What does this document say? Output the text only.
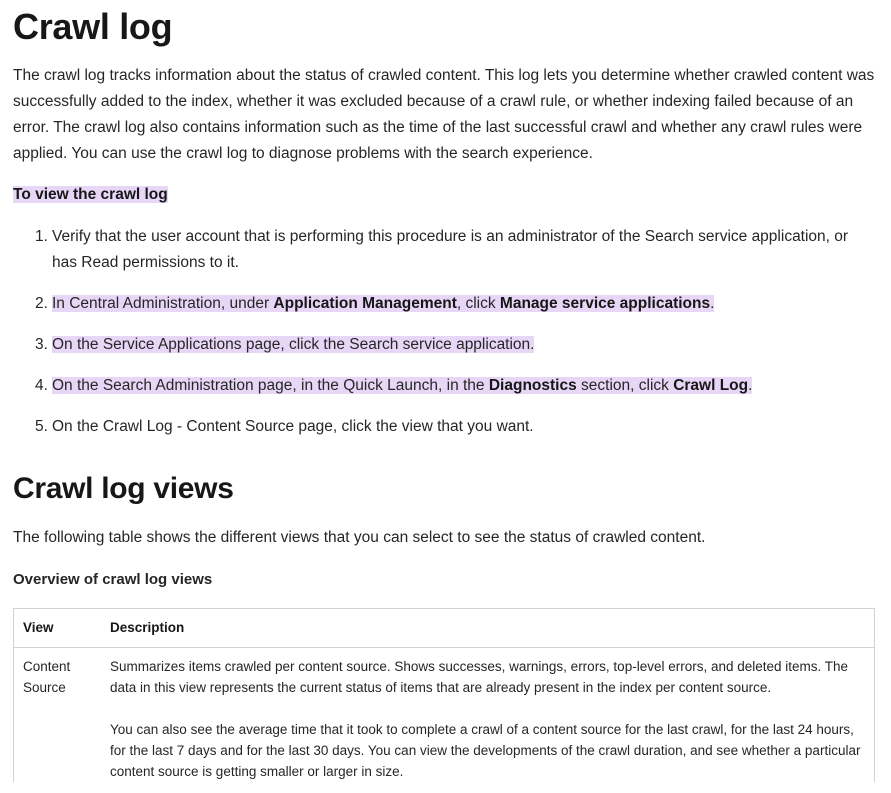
Crawl log

The crawl log tracks information about the status of crawled content. This log lets you determine whether crawled content was successfully added to the index, whether it was excluded because of a crawl rule, or whether indexing failed because of an error. The crawl log also contains information such as the time of the last successful crawl and whether any crawl rules were applied. You can use the crawl log to diagnose problems with the search experience.

To view the crawl log
1. Verify that the user account that is performing this procedure is an administrator of the Search service application, or has Read permissions to it.
2. In Central Administration, under Application Management, click Manage service applications.
3. On the Service Applications page, click the Search service application.
4. On the Search Administration page, in the Quick Launch, in the Diagnostics section, click Crawl Log.
5. On the Crawl Log - Content Source page, click the view that you want.
Crawl log views

The following table shows the different views that you can select to see the status of crawled content.

Overview of crawl log views
View	Description
Content Source

Summarizes items crawled per content source. Shows successes, warnings, errors, top-level errors, and deleted items. The data in this view represents the current status of items that are already present in the index per content source.

You can also see the average time that it took to complete a crawl of a content source for the last crawl, for the last 24 hours, for the last 7 days and for the last 30 days. You can view the developments of the crawl duration, and see whether a particular content source is getting smaller or larger in size.
